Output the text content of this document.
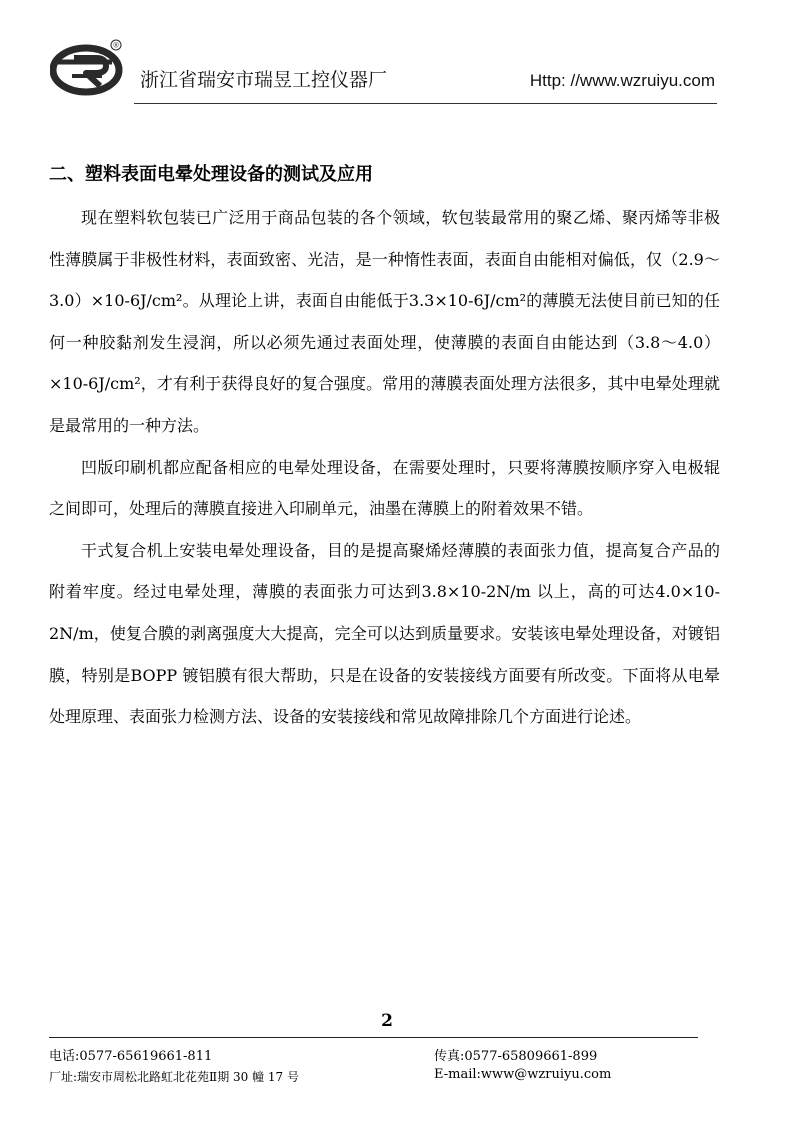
®
浙江省瑞安市瑞昱工控仪器厂	Http: //www.wzruiyu.com
二、塑料表面电晕处理设备的测试及应用

现在塑料软包装已广泛用于商品包装的各个领域，软包装最常用的聚乙烯、聚丙烯等非极性薄膜属于非极性材料，表面致密、光洁，是一种惰性表面，表面自由能相对偏低，仅（2.9～3.0）×10-6J/cm²。从理论上讲，表面自由能低于3.3×10-6J/cm²的薄膜无法使目前已知的任何一种胶黏剂发生浸润，所以必须先通过表面处理，使薄膜的表面自由能达到（3.8～4.0）×10-6J/cm²，才有利于获得良好的复合强度。常用的薄膜表面处理方法很多，其中电晕处理就是最常用的一种方法。

凹版印刷机都应配备相应的电晕处理设备，在需要处理时，只要将薄膜按顺序穿入电极辊之间即可，处理后的薄膜直接进入印刷单元，油墨在薄膜上的附着效果不错。

干式复合机上安装电晕处理设备，目的是提高聚烯烃薄膜的表面张力值，提高复合产品的附着牢度。经过电晕处理，薄膜的表面张力可达到3.8×10-2N/m 以上，高的可达4.0×10-2N/m，使复合膜的剥离强度大大提高，完全可以达到质量要求。安装该电晕处理设备，对镀铝膜，特别是BOPP 镀铝膜有很大帮助，只是在设备的安装接线方面要有所改变。下面将从电晕处理原理、表面张力检测方法、设备的安装接线和常见故障排除几个方面进行论述。

2
电话:0577-65619661-811	传真:0577-65809661-899
厂址:瑞安市周松北路虹北花苑Ⅱ期 30 幢 17 号	E-mail:www@wzruiyu.com
